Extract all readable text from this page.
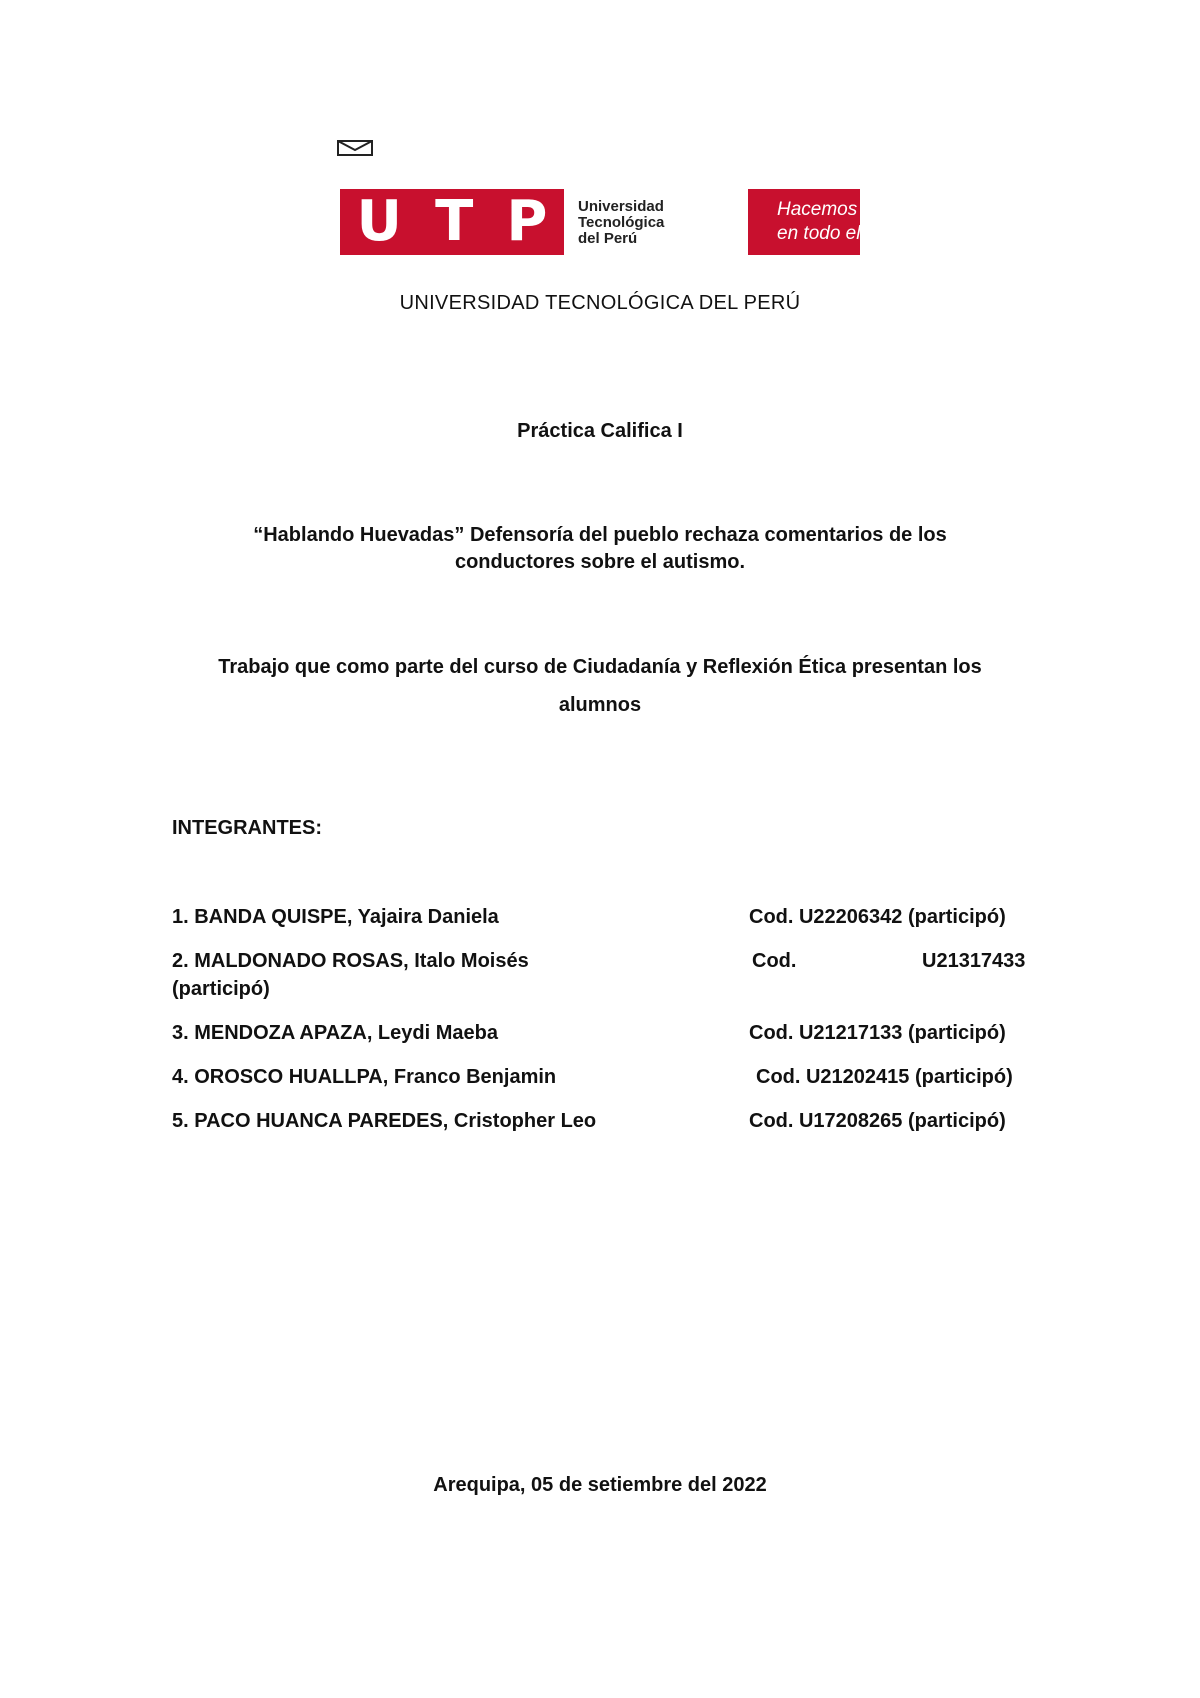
U T P Universidad
Tecnológica
del Perú
Hacemos
en todo el
UNIVERSIDAD TECNOLÓGICA DEL PERÚ
Práctica Califica I
“Hablando Huevadas” Defensoría del pueblo rechaza comentarios de los
conductores sobre el autismo.
Trabajo que como parte del curso de Ciudadanía y Reflexión Ética presentan los
alumnos
INTEGRANTES:
1. BANDA QUISPE, Yajaira Daniela	Cod. U22206342 (participó)
2. MALDONADO ROSAS, Italo Moisés	Cod.	U21317433
(participó)
3. MENDOZA APAZA, Leydi Maeba	Cod. U21217133 (participó)
4. OROSCO HUALLPA, Franco Benjamin	Cod. U21202415 (participó)
5. PACO HUANCA PAREDES, Cristopher Leo	Cod. U17208265 (participó)
Arequipa, 05 de setiembre del 2022
